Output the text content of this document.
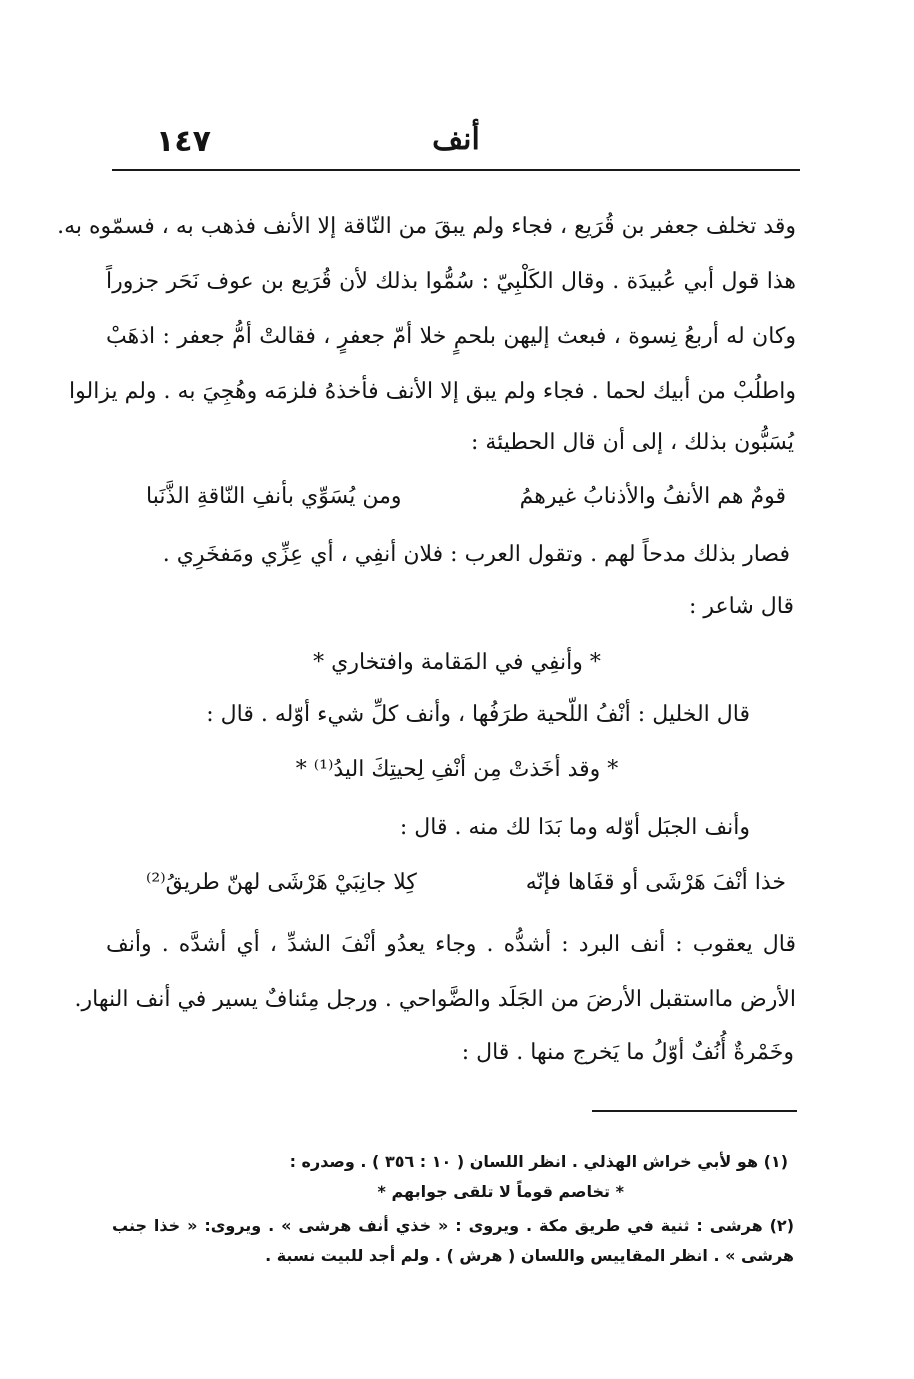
١٤٧	أنف
وقد تخلف جعفر بن قُرَيع ، فجاء ولم يبقَ من النّاقة إلا الأنف فذهب به ، فسمّوه به.
هذا قول أبي عُبيدَة . وقال الكَلْبِيّ : سُمُّوا بذلك لأن قُرَيع بن عوف نَحَر جزوراً
وكان له أربعُ نِسوة ، فبعث إليهن بلحمٍ خلا أمّ جعفرٍ ، فقالتْ أمُّ جعفر : اذهَبْ
واطلُبْ من أبيك لحما . فجاء ولم يبق إلا الأنف فأخذهُ فلزمَه وهُجِيَ به . ولم يزالوا
يُسَبُّون بذلك ، إلى أن قال الحطيئة :
قومٌ هم الأنفُ والأذنابُ غيرهمُ
ومن يُسَوِّي بأنفِ النّاقةِ الذَّنَبا
فصار بذلك مدحاً لهم . وتقول العرب : فلان أنفِي ، أي عِزِّي ومَفخَرِي .
قال شاعر :
* وأنفِي في المَقامة وافتخاري *
قال الخليل : أنْفُ اللّحية طرَفُها ، وأنف كلِّ شيء أوّله . قال :
* وقد أخَذتْ مِن أنْفِ لِحيتِكَ اليدُ⁽¹⁾ *
وأنف الجبَل أوّله وما بَدَا لك منه . قال :
خذا أنْفَ هَرْشَى أو قفَاها فإنّه
كِلا جانِبَيْ هَرْشَى لهنّ طريقُ⁽²⁾
قال يعقوب : أنف البرد : أشدُّه . وجاء يعدُو أنْفَ الشدِّ ، أي أشدَّه . وأنف
الأرض مااستقبل الأرضَ من الجَلَد والضَّواحي . ورجل مِئنافٌ يسير في أنف النهار.
وخَمْرةٌ أُنُفٌ أوّلُ ما يَخرج منها . قال :
(١) هو لأبي خراش الهذلي . انظر اللسان ( ١٠ : ٣٥٦ ) . وصدره :
* تخاصم قوماً لا تلقى جوابهم *
(٢) هرشى : ثنية في طريق مكة . ويروى : « خذي أنف هرشى » . ويروى: « خذا جنب
هرشى » . انظر المقاييس واللسان ( هرش ) . ولم أجد للبيت نسبة .
